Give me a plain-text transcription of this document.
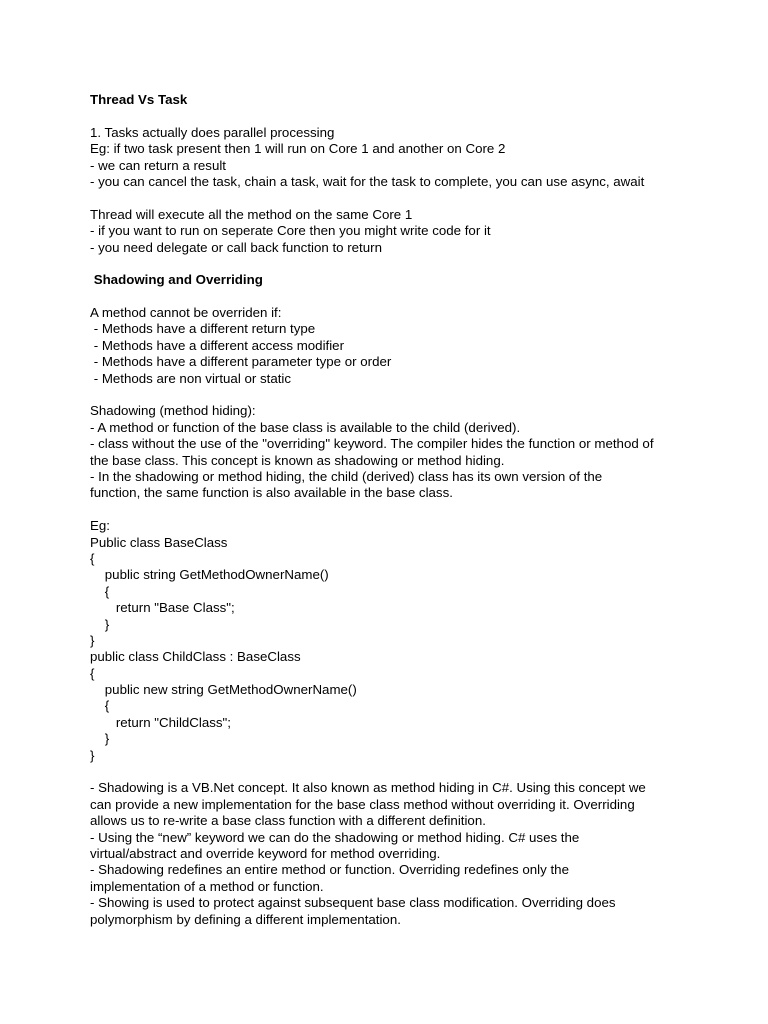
Thread Vs Task
1. Tasks actually does parallel processing
Eg: if two task present then 1 will run on Core 1 and another on Core 2
- we can return a result
- you can cancel the task, chain a task, wait for the task to complete, you can use async, await
Thread will execute all the method on the same Core 1
- if you want to run on seperate Core then you might write code for it
- you need delegate or call back function to return
Shadowing and Overriding
A method cannot be overriden if:
- Methods have a different return type
- Methods have a different access modifier
- Methods have a different parameter type or order
- Methods are non virtual or static
Shadowing (method hiding):
- A method or function of the base class is available to the child (derived).
- class without the use of the "overriding" keyword. The compiler hides the function or method of
the base class. This concept is known as shadowing or method hiding.
- In the shadowing or method hiding, the child (derived) class has its own version of the
function, the same function is also available in the base class.
Eg:
Public class BaseClass
{
public string GetMethodOwnerName()
{
return "Base Class";
}
}
public class ChildClass : BaseClass
{
public new string GetMethodOwnerName()
{
return "ChildClass";
}
}
- Shadowing is a VB.Net concept. It also known as method hiding in C#. Using this concept we
can provide a new implementation for the base class method without overriding it. Overriding
allows us to re-write a base class function with a different definition.
- Using the “new” keyword we can do the shadowing or method hiding. C# uses the
virtual/abstract and override keyword for method overriding.
- Shadowing redefines an entire method or function. Overriding redefines only the
implementation of a method or function.
- Showing is used to protect against subsequent base class modification. Overriding does
polymorphism by defining a different implementation.
